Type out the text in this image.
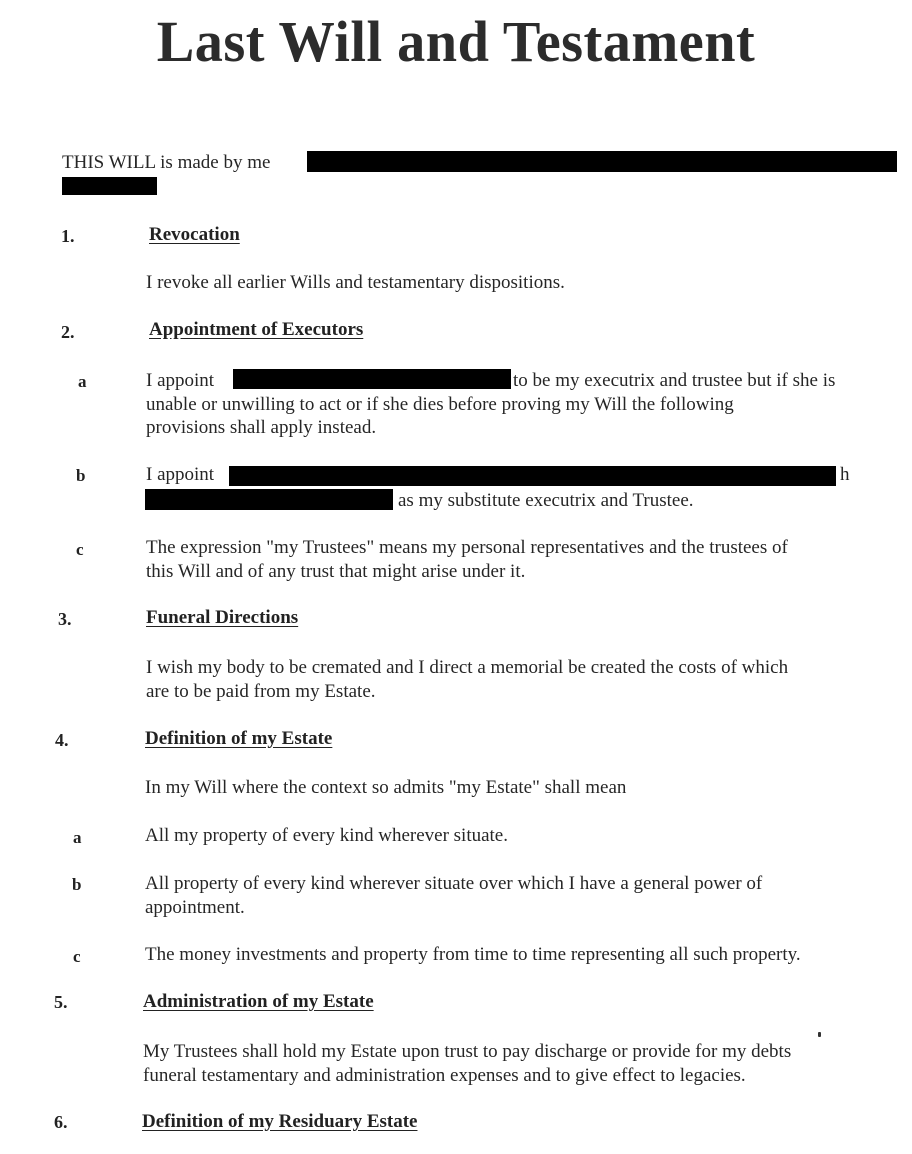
Last Will and Testament
THIS WILL is made by me
1.	Revocation
I revoke all earlier Wills and testamentary dispositions.
2.	Appointment of Executors
a	I appoint	to be my executrix and trustee but if she is
unable or unwilling to act or if she dies before proving my Will the following
provisions shall apply instead.
b	I appoint	h
as my substitute executrix and Trustee.
c	The expression "my Trustees" means my personal representatives and the trustees of
this Will and of any trust that might arise under it.
3.	Funeral Directions
I wish my body to be cremated and I direct a memorial be created the costs of which
are to be paid from my Estate.
4.	Definition of my Estate
In my Will where the context so admits "my Estate" shall mean
a	All my property of every kind wherever situate.
b	All property of every kind wherever situate over which I have a general power of
appointment.
c	The money investments and property from time to time representing all such property.
5.	Administration of my Estate
My Trustees shall hold my Estate upon trust to pay discharge or provide for my debts
funeral testamentary and administration expenses and to give effect to legacies.
6.	Definition of my Residuary Estate
